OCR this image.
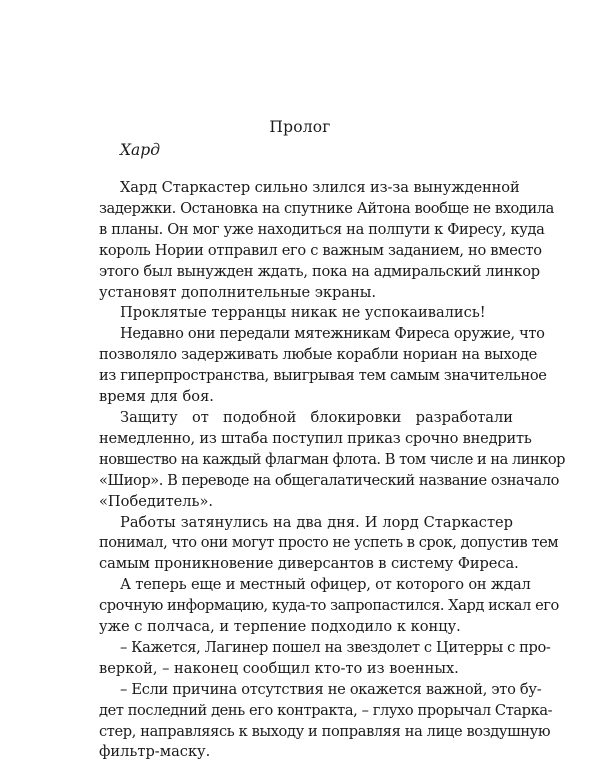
Пролог
Хард

Хард Старкастер сильно злился из-за вынужденной
задержки. Остановка на спутнике Айтона вообще не входила
в планы. Он мог уже находиться на полпути к Фиресу, куда
король Нории отправил его с важным заданием, но вместо
этого был вынужден ждать, пока на адмиральский линкор
установят дополнительные экраны.

Проклятые терранцы никак не успокаивались!

Недавно они передали мятежникам Фиреса оружие, что
позволяло задерживать любые корабли нориан на выходе
из гиперпространства, выигрывая тем самым значительное
время для боя.

Защиту от подобной блокировки разработали
немедленно, из штаба поступил приказ срочно внедрить
новшество на каждый флагман флота. В том числе и на линкор
«Шиор». В переводе на общегалатический название означало
«Победитель».

Работы затянулись на два дня. И лорд Старкастер
понимал, что они могут просто не успеть в срок, допустив тем
самым проникновение диверсантов в систему Фиреса.

А теперь еще и местный офицер, от которого он ждал
срочную информацию, куда-то запропастился. Хард искал его
уже с полчаса, и терпение подходило к концу.

– Кажется, Лагинер пошел на звездолет с Цитерры с про-
веркой, – наконец сообщил кто-то из военных.

– Если причина отсутствия не окажется важной, это бу-
дет последний день его контракта, – глухо прорычал Старка-
стер, направляясь к выходу и поправляя на лице воздушную
фильтр-маску.
